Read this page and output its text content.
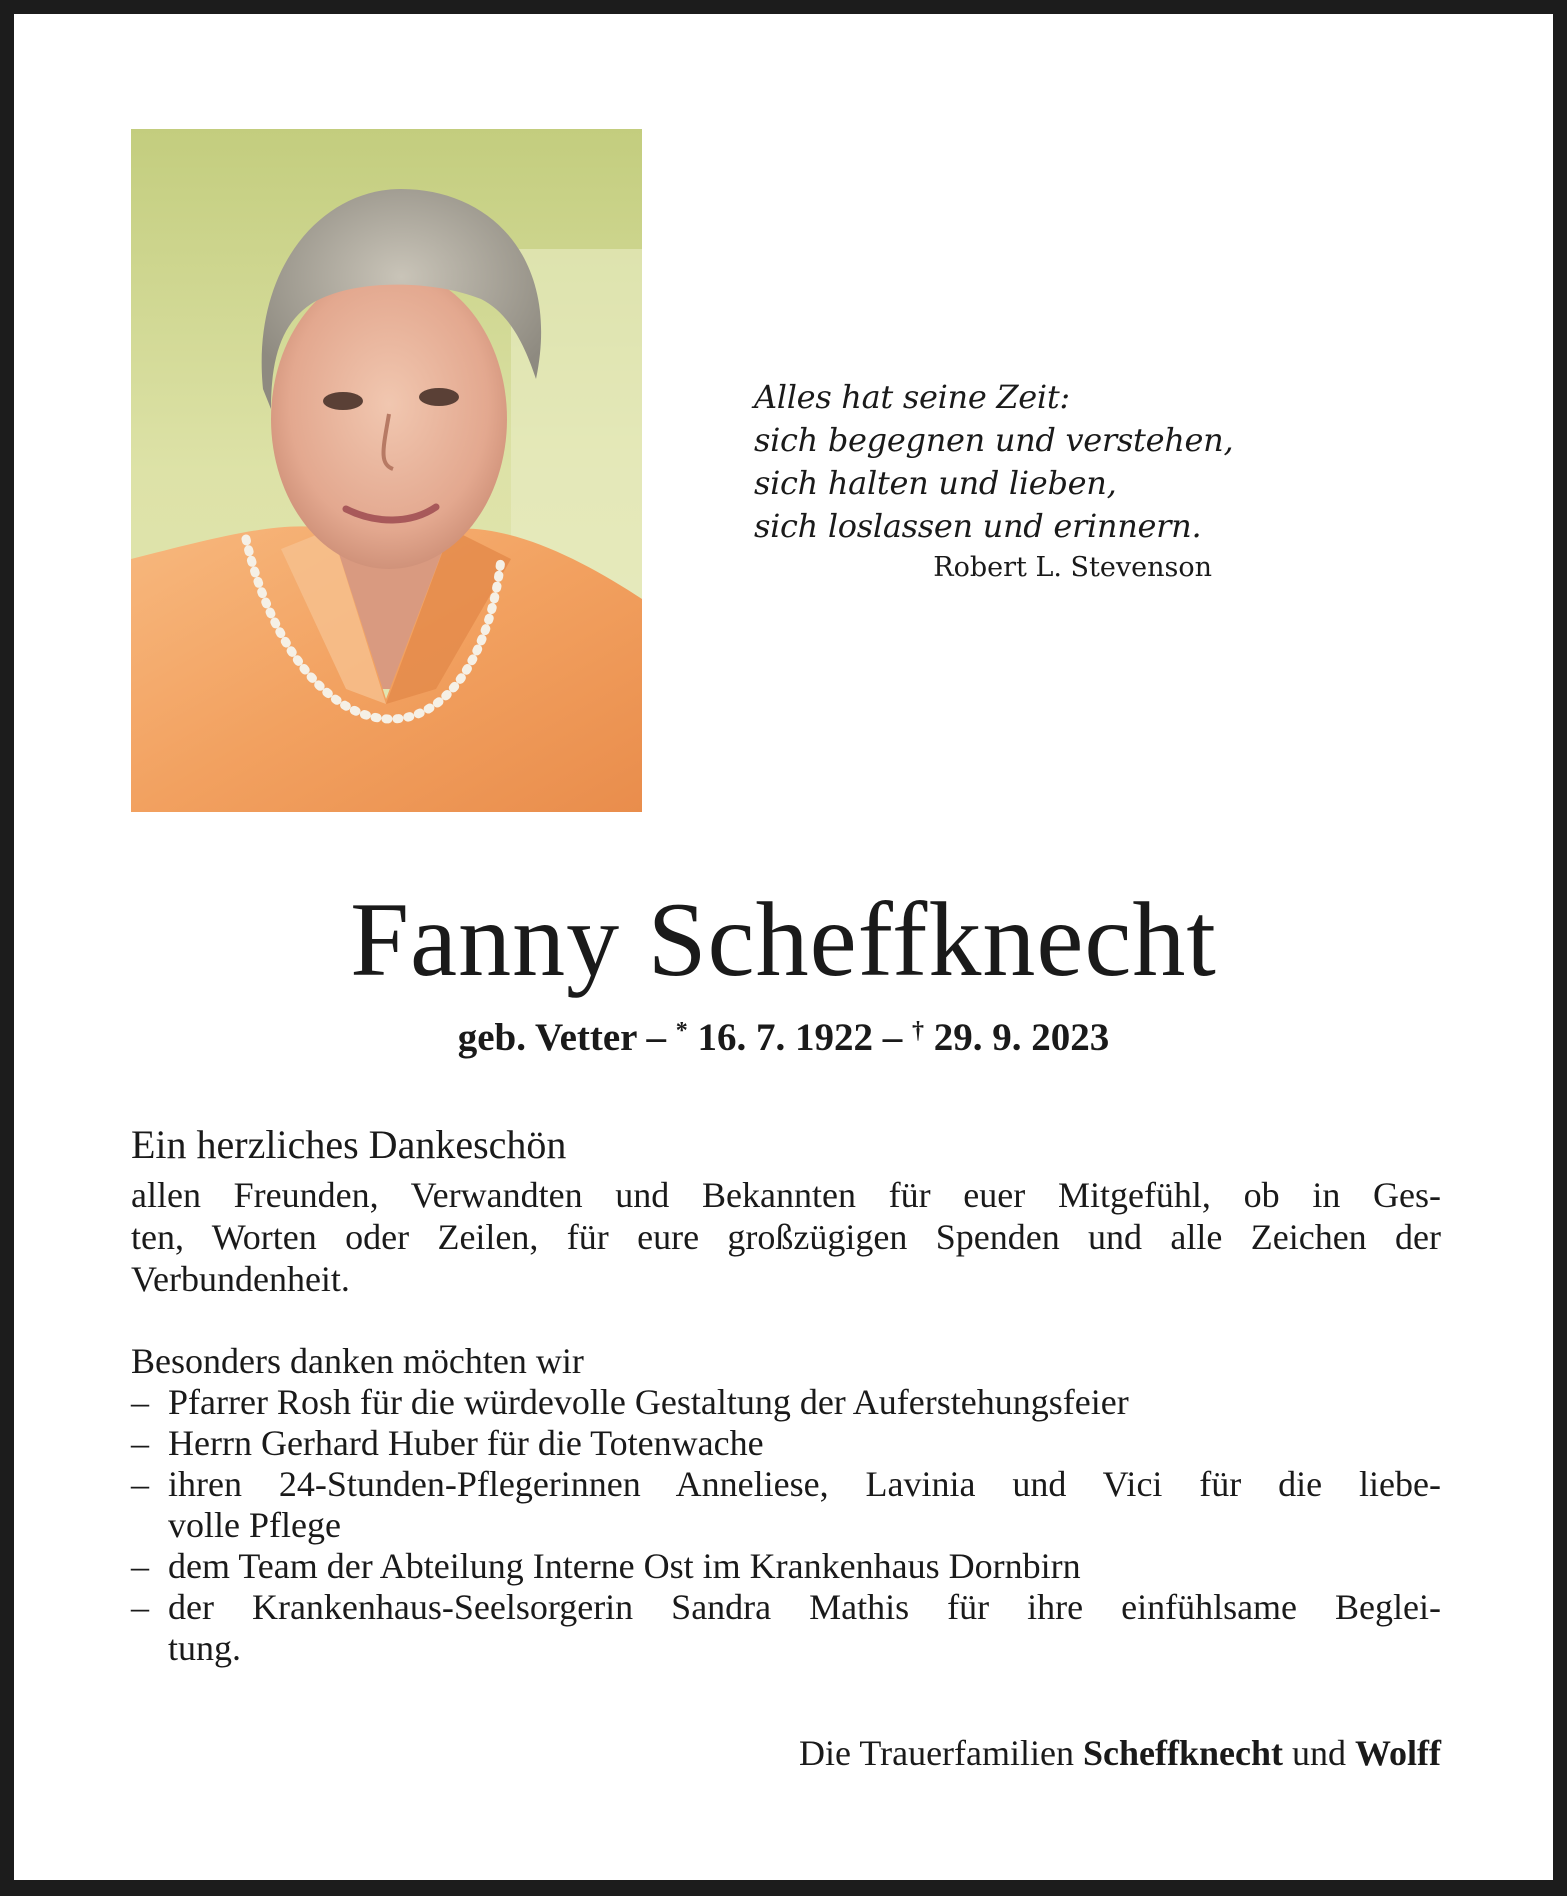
Alles hat seine Zeit:
sich begegnen und verstehen,
sich halten und lieben,
sich loslassen und erinnern.
Robert L. Stevenson
Fanny Scheffknecht
geb. Vetter – * 16. 7. 1922 – † 29. 9. 2023
Ein herzliches Dankeschön
allen Freunden, Verwandten und Bekannten für euer Mitgefühl, ob in Ges-
ten, Worten oder Zeilen, für eure großzügigen Spenden und alle Zeichen der
Verbundenheit.
Besonders danken möchten wir
– Pfarrer Rosh für die würdevolle Gestaltung der Auferstehungsfeier
– Herrn Gerhard Huber für die Totenwache
– ihren 24-Stunden-Pflegerinnen Anneliese, Lavinia und Vici für die liebe-
volle Pflege
– dem Team der Abteilung Interne Ost im Krankenhaus Dornbirn
– der Krankenhaus-Seelsorgerin Sandra Mathis für ihre einfühlsame Beglei-
tung.
Die Trauerfamilien Scheffknecht und Wolff
